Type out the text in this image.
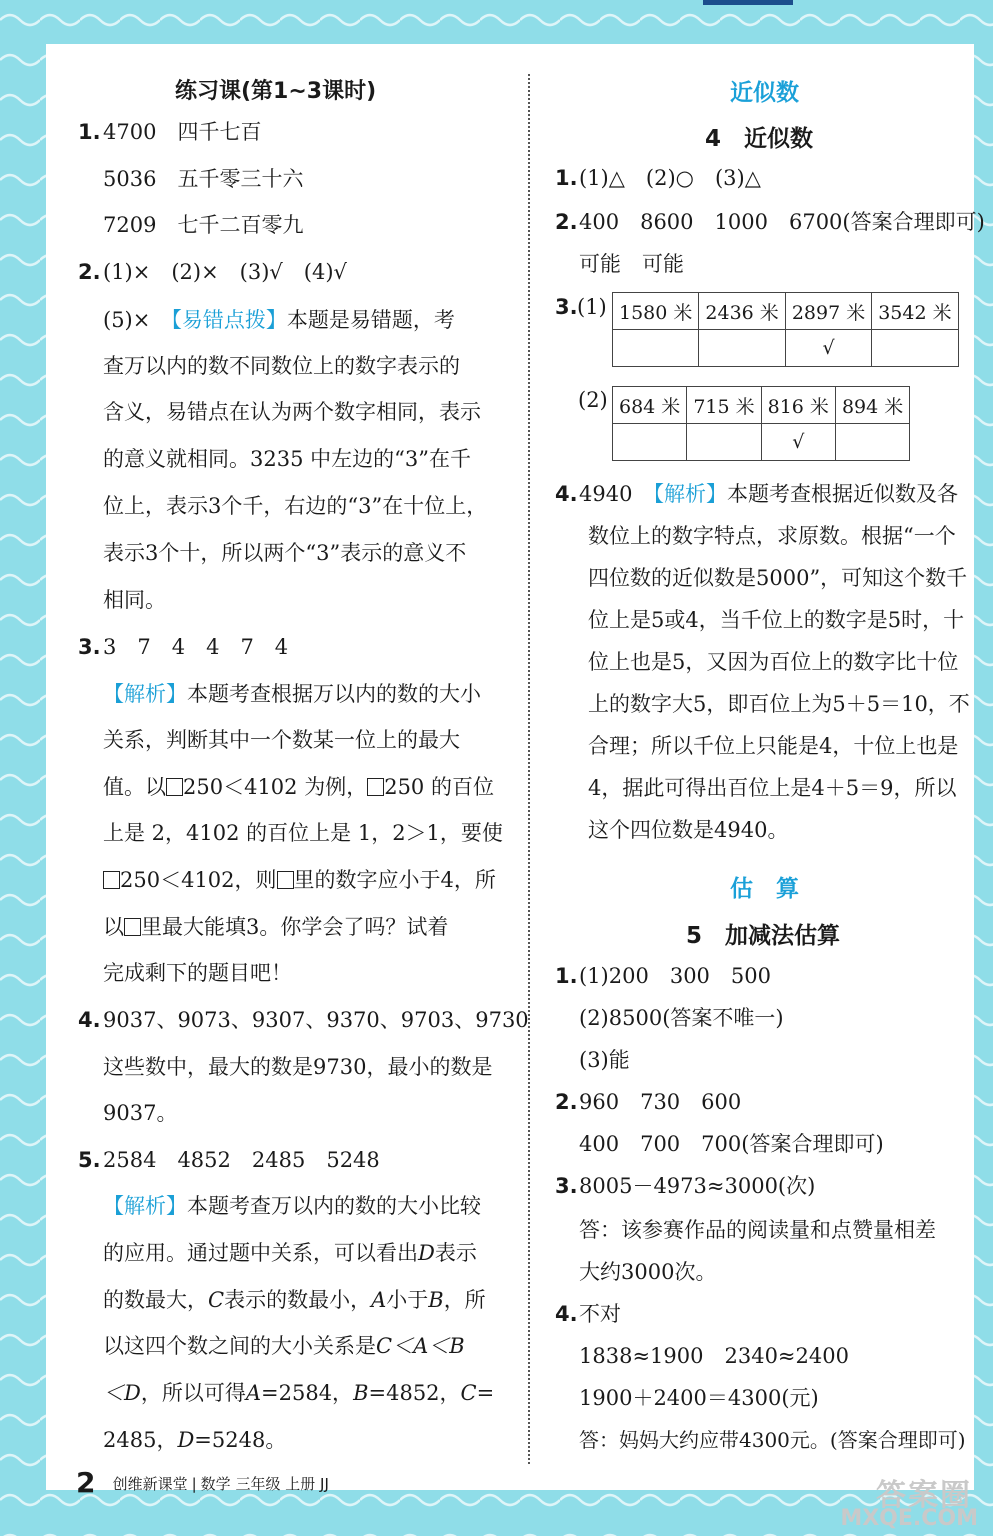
练习课(第1~3课时)
1. 4700　四千七百
5036　五千零三十六
7209　七千二百零九
2. (1)×　(2)×　(3)√　(4)√
(5)×　【易错点拨】本题是易错题，考
查万以内的数不同数位上的数字表示的
含义，易错点在认为两个数字相同，表示
的意义就相同。3235 中左边的“3”在千
位上，表示3个千，右边的“3”在十位上，
表示3个十，所以两个“3”表示的意义不
相同。
3. 3　7　4　4　7　4
【解析】本题考查根据万以内的数的大小
关系，判断其中一个数某一位上的最大
值。以 250＜4102 为例， 250 的百位
上是 2，4102 的百位上是 1，2＞1，要使
250＜4102，则 里的数字应小于4，所
以 里最大能填3。你学会了吗？试着
完成剩下的题目吧！
4. 9037、9073、9307、9370、9703、9730
这些数中，最大的数是9730，最小的数是
9037。
5. 2584　4852　2485　5248
【解析】本题考查万以内的数的大小比较
的应用。通过题中关系，可以看出D表示
的数最大，C表示的数最小，A小于B，所
以这四个数之间的大小关系是C＜A＜B
＜D，所以可得A=2584，B=4852，C=
2485，D=5248。
近似数
4　近似数
1. (1)△　(2)○　(3)△
2. 400　8600　1000　6700(答案合理即可)
可能　可能
3. (1) 1580 米	2436 米	2897 米	3542 米
		√	
(2) 684 米	715 米	816 米	894 米
		√	
4. 4940　【解析】本题考查根据近似数及各
数位上的数字特点，求原数。根据“一个
四位数的近似数是5000”，可知这个数千
位上是5或4，当千位上的数字是5时，十
位上也是5，又因为百位上的数字比十位
上的数字大5，即百位上为5＋5＝10，不
合理；所以千位上只能是4，十位上也是
4，据此可得出百位上是4＋5＝9，所以
这个四位数是4940。
估　算
5　加减法估算
1. (1)200　300　500
(2)8500(答案不唯一)
(3)能
2. 960　730　600
400　700　700(答案合理即可)
3. 8005－4973≈3000(次)
答：该参赛作品的阅读量和点赞量相差
大约3000次。
4. 不对
1838≈1900　2340≈2400
1900＋2400＝4300(元)
答：妈妈大约应带4300元。(答案合理即可)
2 创维新课堂 | 数学 三年级 上册 JJ	答案圈
MXQE.COM
